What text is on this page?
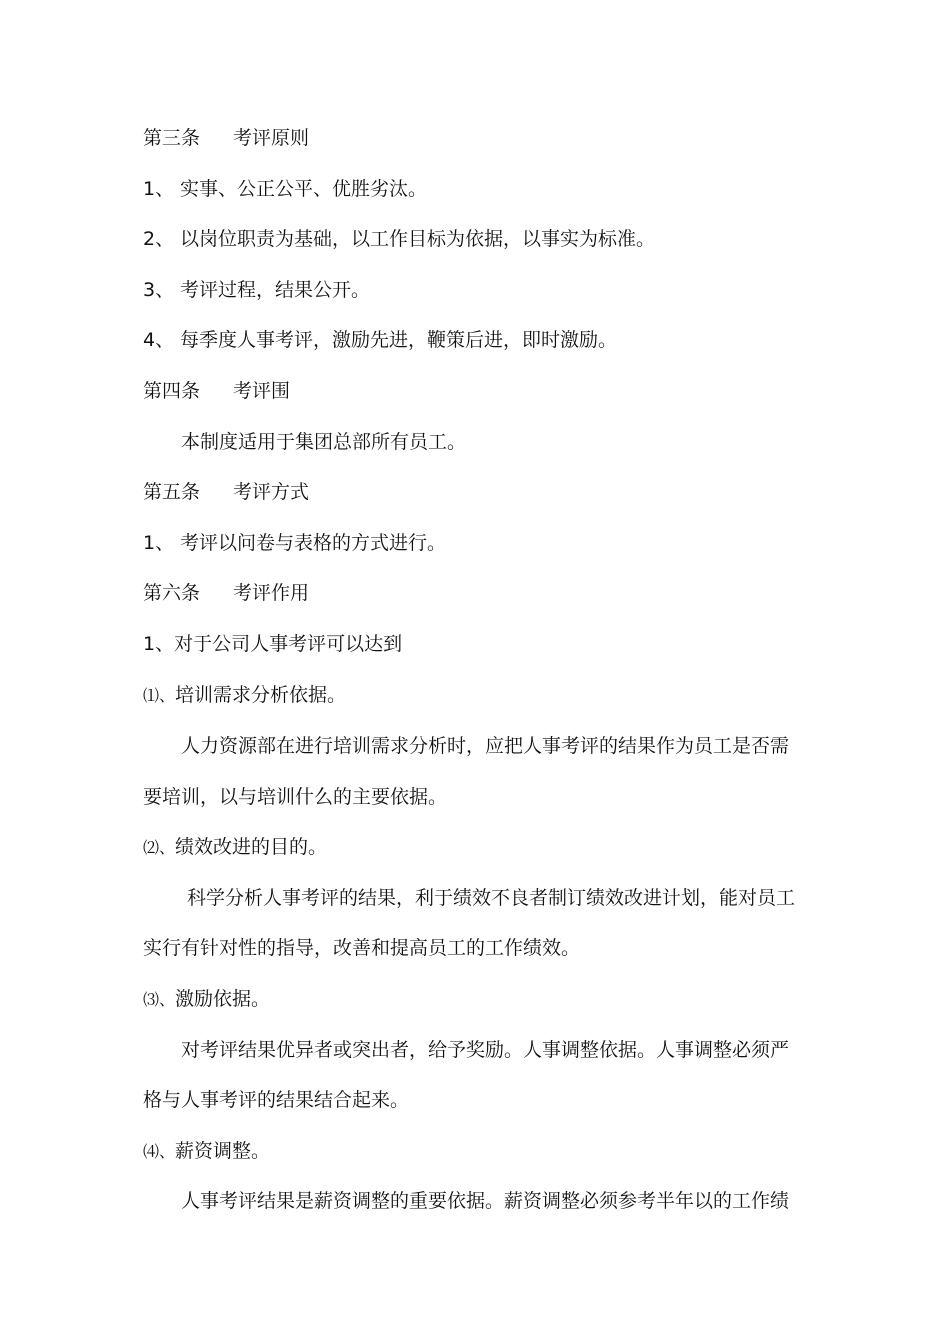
第三条 考评原则
1、 实事、公正公平、优胜劣汰。
2、 以岗位职责为基础，以工作目标为依据，以事实为标准。
3、 考评过程，结果公开。
4、 每季度人事考评，激励先进，鞭策后进，即时激励。
第四条 考评围
本制度适用于集团总部所有员工。
第五条 考评方式
1、 考评以问卷与表格的方式进行。
第六条 考评作用
1、对于公司人事考评可以达到
⑴、培训需求分析依据。
人力资源部在进行培训需求分析时，应把人事考评的结果作为员工是否需
要培训，以与培训什么的主要依据。
⑵、绩效改进的目的。
科学分析人事考评的结果，利于绩效不良者制订绩效改进计划，能对员工
实行有针对性的指导，改善和提高员工的工作绩效。
⑶、激励依据。
对考评结果优异者或突出者，给予奖励。人事调整依据。人事调整必须严
格与人事考评的结果结合起来。
⑷、薪资调整。
人事考评结果是薪资调整的重要依据。薪资调整必须参考半年以的工作绩
